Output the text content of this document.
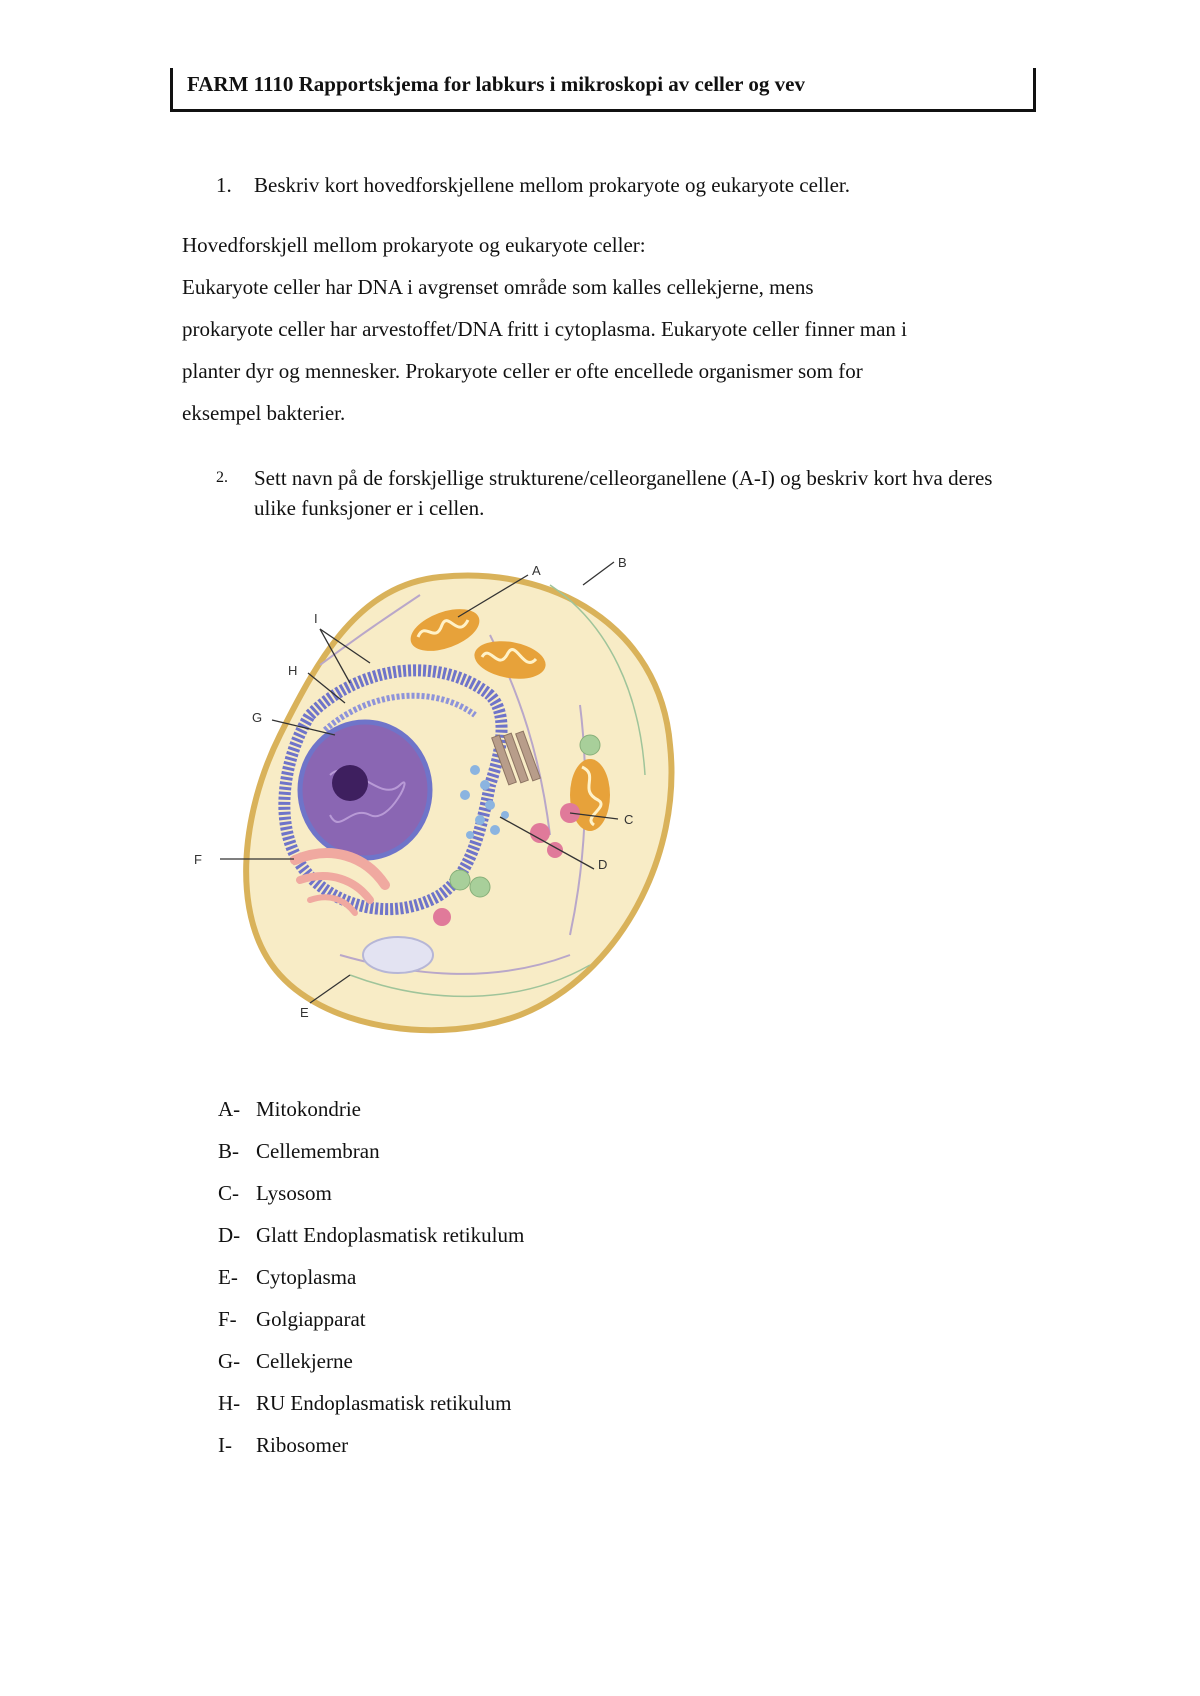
FARM 1110 Rapportskjema for labkurs i mikroskopi av celler og vev
1. Beskriv kort hovedforskjellene mellom prokaryote og eukaryote celler.
Hovedforskjell mellom prokaryote og eukaryote celler:
Eukaryote celler har DNA i avgrenset område som kalles cellekjerne, mens
prokaryote celler har arvestoffet/DNA fritt i cytoplasma. Eukaryote celler finner man i
planter dyr og mennesker. Prokaryote celler er ofte encellede organismer som for
eksempel bakterier.
2. Sett navn på de forskjellige strukturene/celleorganellene (A-I) og beskriv kort hva deres ulike funksjoner er i cellen.
A
B
C
D
E
F
G
H
I
A- Mitokondrie
B- Cellemembran
C- Lysosom
D- Glatt Endoplasmatisk retikulum
E- Cytoplasma
F- Golgiapparat
G- Cellekjerne
H- RU Endoplasmatisk retikulum
I- Ribosomer
